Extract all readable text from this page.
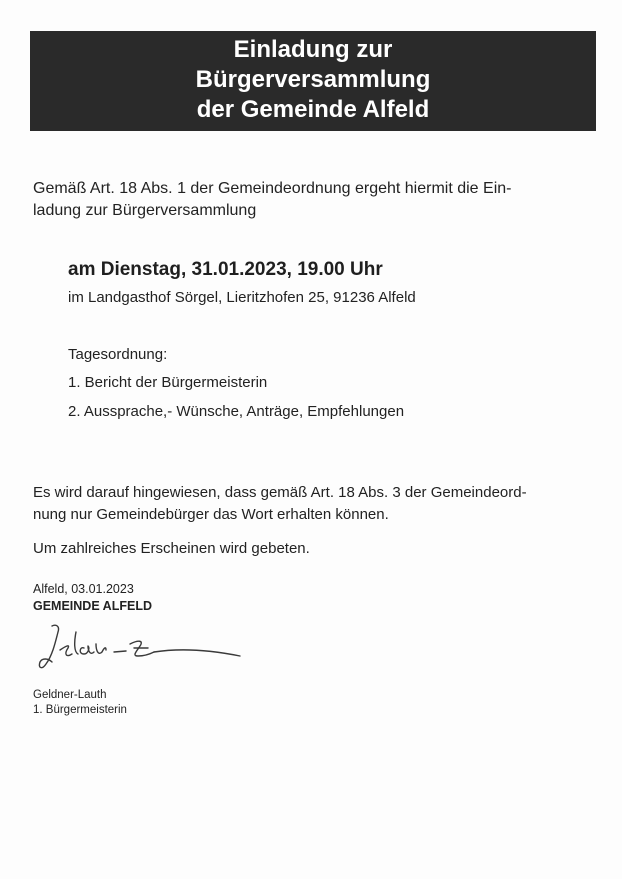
Einladung zur
Bürgerversammlung
der Gemeinde Alfeld
Gemäß Art. 18 Abs. 1 der Gemeindeordnung ergeht hiermit die Ein-
ladung zur Bürgerversammlung
am Dienstag, 31.01.2023, 19.00 Uhr
im Landgasthof Sörgel, Lieritzhofen 25, 91236 Alfeld
Tagesordnung:
1. Bericht der Bürgermeisterin
2. Aussprache,- Wünsche, Anträge, Empfehlungen
Es wird darauf hingewiesen, dass gemäß Art. 18 Abs. 3 der Gemeindeord-
nung nur Gemeindebürger das Wort erhalten können.
Um zahlreiches Erscheinen wird gebeten.
Alfeld, 03.01.2023
GEMEINDE ALFELD
Geldner-Lauth
1. Bürgermeisterin
